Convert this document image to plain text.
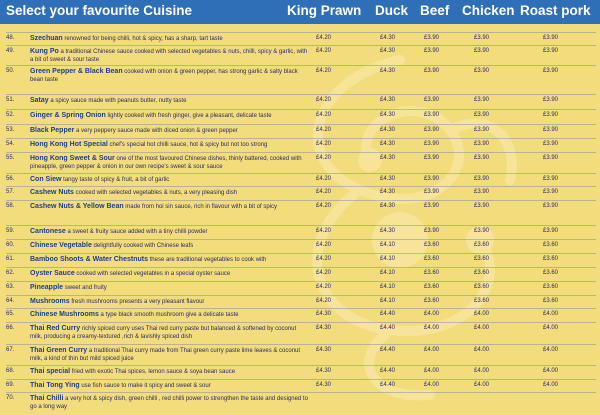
Select your favourite Cuisine	King Prawn Duck Beef Chicken Roast pork
48. Szechuan renowned for being chilli, hot & spicy, has a sharp, tart taste	£4.20	£4.30	£3.90	£3.90	£3.90
49. Kung Po a traditional Chinese sauce cooked with selected vegetables & nuts, chilli, spicy & garlic, with a bit of sweet & sour taste
£4.20	£4.30	£3.90	£3.90	£3.90
50. Green Pepper & Black Bean cooked with onion & green pepper, has strong garlic & salty black bean taste
£4.20	£4.30	£3.90	£3.90	£3.90
51. Satay a spicy sauce made with peanuts butter, nutty taste	£4.20	£4.30	£3.90	£3.90	£3.90
52. Ginger & Spring Onion lightly cooked with fresh ginger, give a pleasant, delicate taste	£4.20	£4.30	£3.90	£3.90	£3.90
53. Black Pepper a very peppery sauce made with diced onion & green pepper	£4.20	£4.30	£3.90	£3.90	£3.90
54. Hong Kong Hot Special chef's special hot chilli sauce, hot & spicy but not too strong	£4.20	£4.30	£3.90	£3.90	£3.90
55. Hong Kong Sweet & Sour one of the most favoured Chinese dishes, thinly battered, cooked with pineapple, green pepper & onion in our own recipe's sweet & sour sauce
£4.20	£4.30	£3.90	£3.90	£3.90
56. Con Siew tangy taste of spicy & fruit, a bit of garlic	£4.20	£4.30	£3.90	£3.90	£3.90
57. Cashew Nuts cooked with selected vegetables & nuts, a very pleasing dish	£4.20	£4.30	£3.90	£3.90	£3.90
58. Cashew Nuts & Yellow Bean made from hoi sin sauce, rich in flavour with a bit of spicy	£4.20	£4.30	£3.90	£3.90	£3.90
59. Cantonese a sweet & fruity sauce added with a tiny chilli powder	£4.20	£4.30	£3.90	£3.90	£3.90
60. Chinese Vegetable delightfully cooked with Chinese leafs	£4.20	£4.10	£3.60	£3.60	£3.60
61. Bamboo Shoots & Water Chestnuts these are traditional vegetables to cook with	£4.20	£4.10	£3.60	£3.60	£3.60
62. Oyster Sauce cooked with selected vegetables in a special oyster sauce	£4.20	£4.10	£3.60	£3.60	£3.60
63. Pineapple sweet and fruity	£4.20	£4.10	£3.60	£3.60	£3.60
64. Mushrooms fresh mushrooms presents a very pleasant flavour	£4.20	£4.10	£3.60	£3.60	£3.60
65. Chinese Mushrooms a type black smooth mushroom give a delicate taste	£4.30	£4.40	£4.00	£4.00	£4.00
66. Thai Red Curry richly spiced curry uses Thai red curry paste but balanced & softened by coconut milk, producing a creamy-textured ,rich & lavishly spiced dish
£4.30	£4.40	£4.00	£4.00	£4.00
67. Thai Green Curry a traditional Thai curry made from Thai green curry paste lime leaves & coconut milk, a kind of thin but mild spiced juice
£4.30	£4.40	£4.00	£4.00	£4.00
68. Thai special fried with exotic Thai spices, lemon sauce & soya bean sauce	£4.30	£4.40	£4.00	£4.00	£4.00
69. Thai Tong Ying use fish sauce to make it spicy and sweet & sour	£4.30	£4.40	£4.00	£4.00	£4.00
70. Thai Chilli a very hot & spicy dish, green chilli , red chilli power to strengthen the taste and designed to go a long way
